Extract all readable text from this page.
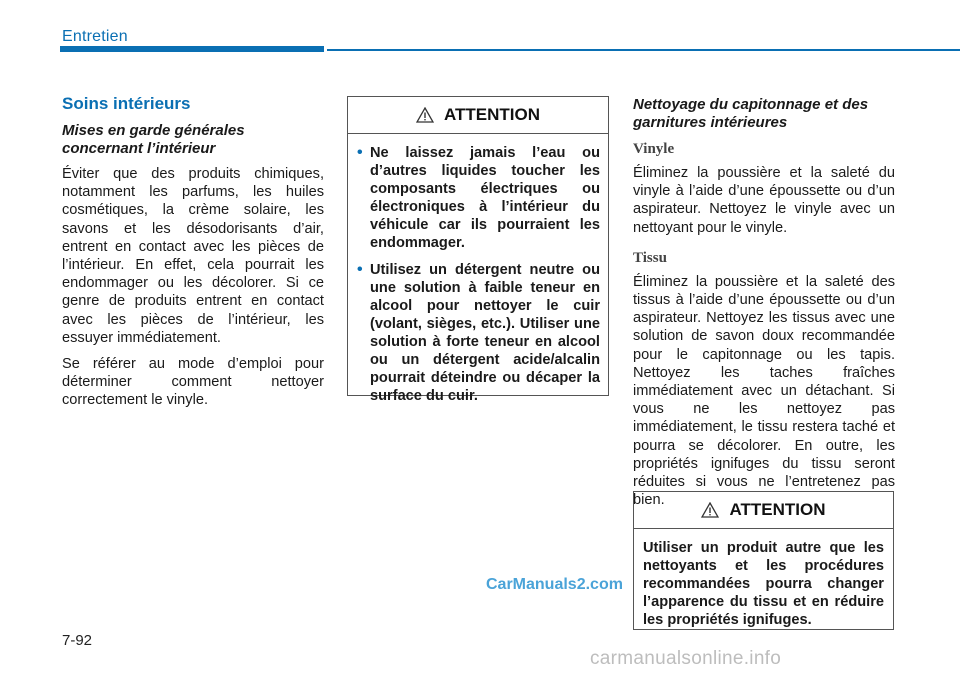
Entretien
Soins intérieurs

Mises en garde générales concernant l’intérieur

Éviter que des produits chimiques, notamment les parfums, les huiles cosmétiques, la crème solaire, les savons et les désodorisants d’air, entrent en contact avec les pièces de l’intérieur. En effet, cela pourrait les endommager ou les décolorer. Si ce genre de produits entrent en contact avec les pièces de l’intérieur, les essuyer immédiatement.

Se référer au mode d’emploi pour déterminer comment nettoyer correctement le vinyle.

ATTENTION
• Ne laissez jamais l’eau ou d’autres liquides toucher les composants électriques ou électroniques à l’intérieur du véhicule car ils pourraient les endommager.
• Utilisez un détergent neutre ou une solution à faible teneur en alcool pour nettoyer le cuir (volant, sièges, etc.). Utiliser une solution à forte teneur en alcool ou un détergent acide/alcalin pourrait déteindre ou décaper la surface du cuir.

Nettoyage du capitonnage et des garnitures intérieures

Vinyle

Éliminez la poussière et la saleté du vinyle à l’aide d’une époussette ou d’un aspirateur. Nettoyez le vinyle avec un nettoyant pour le vinyle.

Tissu

Éliminez la poussière et la saleté des tissus à l’aide d’une époussette ou d’un aspirateur. Nettoyez les tissus avec une solution de savon doux recommandée pour le capitonnage ou les tapis. Nettoyez les taches fraîches immédiatement avec un détachant. Si vous ne les nettoyez pas immédiatement, le tissu restera taché et pourra se décolorer. En outre, les propriétés ignifuges du tissu seront réduites si vous ne l’entretenez pas bien.	ATTENTION
Utiliser un produit autre que les nettoyants et les procédures recommandées pourra changer l’apparence du tissu et en réduire les propriétés ignifuges.
CarManuals2.com
7-92
carmanualsonline.info
